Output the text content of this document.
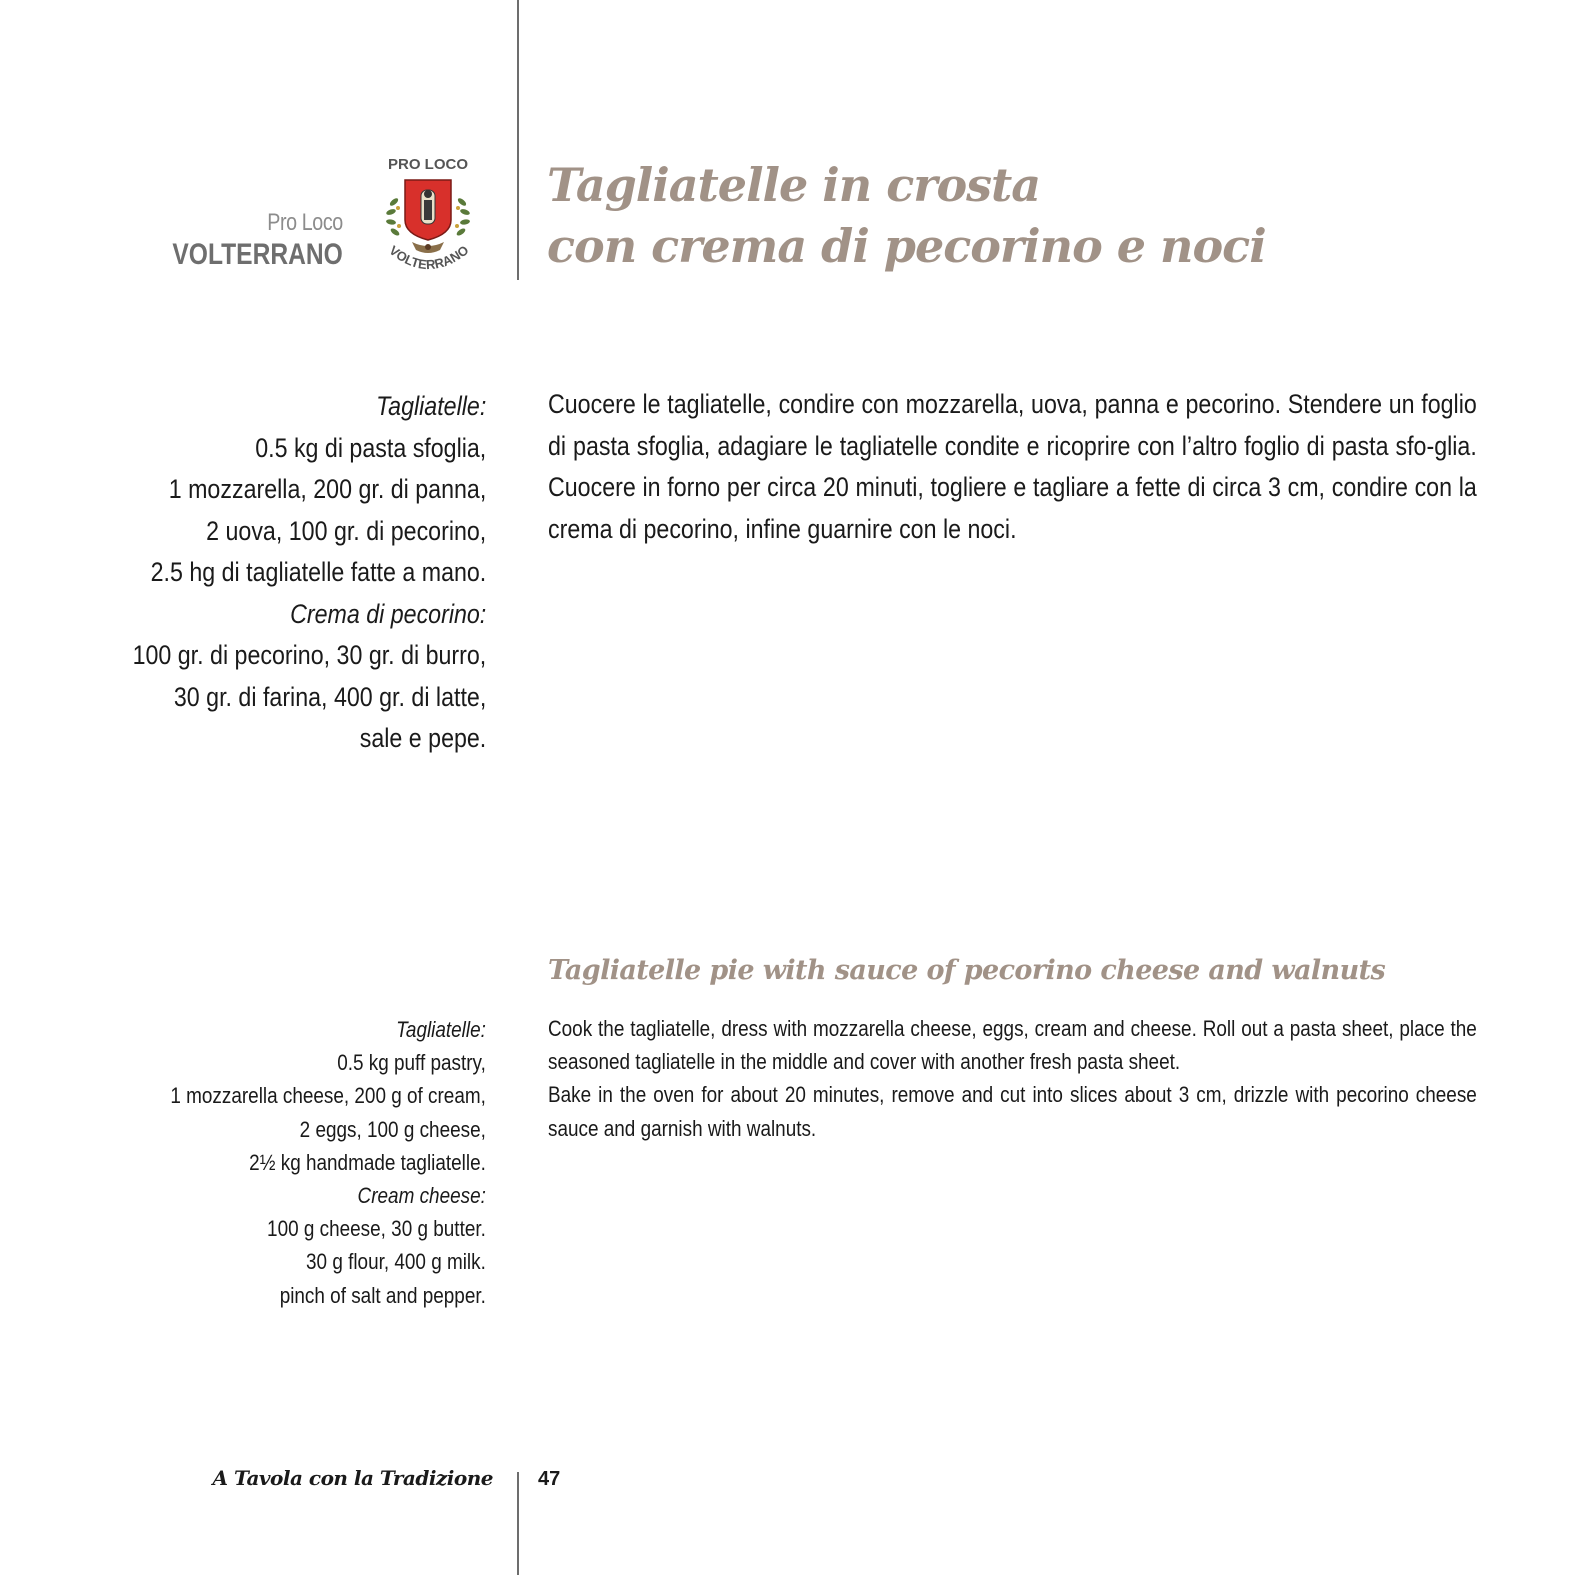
Pro Loco
VOLTERRANO
PRO LOCO
VOLTERRANO
Tagliatelle in crosta
con crema di pecorino e noci
Tagliatelle:
0.5 kg di pasta sfoglia,
1 mozzarella, 200 gr. di panna,
2 uova, 100 gr. di pecorino,
2.5 hg di tagliatelle fatte a mano.
Crema di pecorino:
100 gr. di pecorino, 30 gr. di burro,
30 gr. di farina, 400 gr. di latte,
sale e pepe.
Cuocere le tagliatelle, condire con mozzarella, uova, panna e pecorino. Stendere un foglio di pasta sfoglia, adagiare le tagliatelle condite e ricoprire con l’altro foglio di pasta sfo-glia. Cuocere in forno per circa 20 minuti, togliere e tagliare a fette di circa 3 cm, condire con la crema di pecorino, infine guarnire con le noci.
Tagliatelle pie with sauce of pecorino cheese and walnuts
Tagliatelle:
0.5 kg puff pastry,
1 mozzarella cheese, 200 g of cream,
2 eggs, 100 g cheese,
2½ kg handmade tagliatelle.
Cream cheese:
100 g cheese, 30 g butter.
30 g flour, 400 g milk.
pinch of salt and pepper.
Cook the tagliatelle, dress with mozzarella cheese, eggs, cream and cheese. Roll out a pasta sheet, place the seasoned tagliatelle in the middle and cover with another fresh pasta sheet.
Bake in the oven for about 20 minutes, remove and cut into slices about 3 cm, drizzle with pecorino cheese sauce and garnish with walnuts.
A Tavola con la Tradizione 47
